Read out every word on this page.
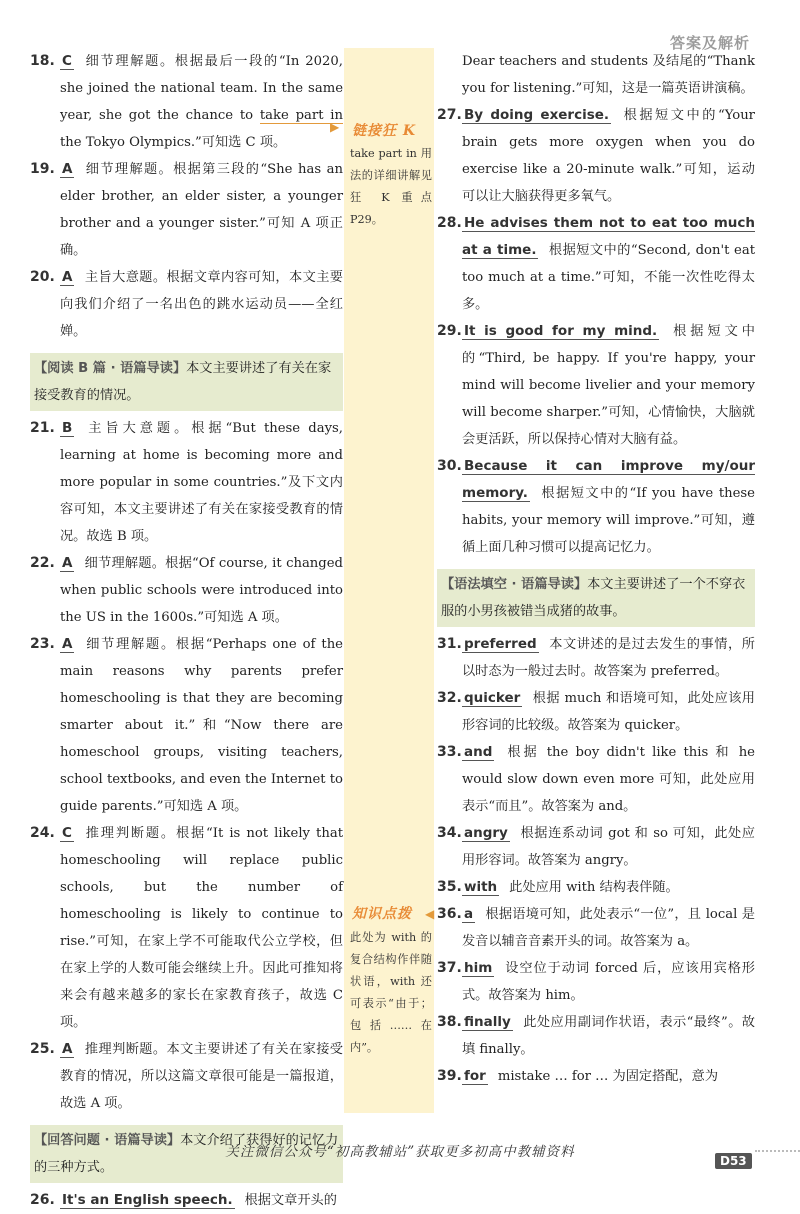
答案及解析
▶ 链接狂 K
take part in 用法的详细讲解见狂 K 重点 P29。
◀
知识点拨
此处为 with 的复合结构作伴随状语，with 还可表示“由于；包括……在内”。

18. C 细节理解题。根据最后一段的“In 2020, she joined the national team. In the same year, she got the chance to take part in the Tokyo Olympics.”可知选 C 项。

19. A 细节理解题。根据第三段的“She has an elder brother, an elder sister, a younger brother and a younger sister.”可知 A 项正确。

20. A 主旨大意题。根据文章内容可知，本文主要向我们介绍了一名出色的跳水运动员——全红婵。

【阅读 B 篇 · 语篇导读】本文主要讲述了有关在家接受教育的情况。

21. B 主旨大意题。根据“But these days, learning at home is becoming more and more popular in some countries.”及下文内容可知，本文主要讲述了有关在家接受教育的情况。故选 B 项。

22. A 细节理解题。根据“Of course, it changed when public schools were introduced into the US in the 1600s.”可知选 A 项。

23. A 细节理解题。根据“Perhaps one of the main reasons why parents prefer homeschooling is that they are becoming smarter about it.”和“Now there are homeschool groups, visiting teachers, school textbooks, and even the Internet to guide parents.”可知选 A 项。

24. C 推理判断题。根据“It is not likely that homeschooling will replace public schools, but the number of homeschooling is likely to continue to rise.”可知，在家上学不可能取代公立学校，但在家上学的人数可能会继续上升。因此可推知将来会有越来越多的家长在家教育孩子，故选 C 项。

25. A 推理判断题。本文主要讲述了有关在家接受教育的情况，所以这篇文章很可能是一篇报道，故选 A 项。

【回答问题 · 语篇导读】本文介绍了获得好的记忆力的三种方式。

26. It's an English speech. 根据文章开头的

Dear teachers and students 及结尾的“Thank you for listening.”可知，这是一篇英语讲演稿。

27. By doing exercise. 根据短文中的“Your brain gets more oxygen when you do exercise like a 20-minute walk.”可知，运动可以让大脑获得更多氧气。

28. He advises them not to eat too much at a time. 根据短文中的“Second, don't eat too much at a time.”可知，不能一次性吃得太多。

29. It is good for my mind. 根据短文中的“Third, be happy. If you're happy, your mind will become livelier and your memory will become sharper.”可知，心情愉快，大脑就会更活跃，所以保持心情对大脑有益。

30. Because it can improve my/our memory. 根据短文中的“If you have these habits, your memory will improve.”可知，遵循上面几种习惯可以提高记忆力。

【语法填空 · 语篇导读】本文主要讲述了一个不穿衣服的小男孩被错当成猪的故事。

31. preferred 本文讲述的是过去发生的事情，所以时态为一般过去时。故答案为 preferred。

32. quicker 根据 much 和语境可知，此处应该用形容词的比较级。故答案为 quicker。

33. and 根据 the boy didn't like this 和 he would slow down even more 可知，此处应用表示“而且”。故答案为 and。

34. angry 根据连系动词 got 和 so 可知，此处应用形容词。故答案为 angry。

35. with 此处应用 with 结构表伴随。

36. a 根据语境可知，此处表示“一位”，且 local 是发音以辅音音素开头的词。故答案为 a。

37. him 设空位于动词 forced 后，应该用宾格形式。故答案为 him。

38. finally 此处应用副词作状语，表示“最终”。故填 finally。

39. for mistake … for … 为固定搭配，意为

关注微信公众号“初高教辅站”获取更多初高中教辅资料
D53
